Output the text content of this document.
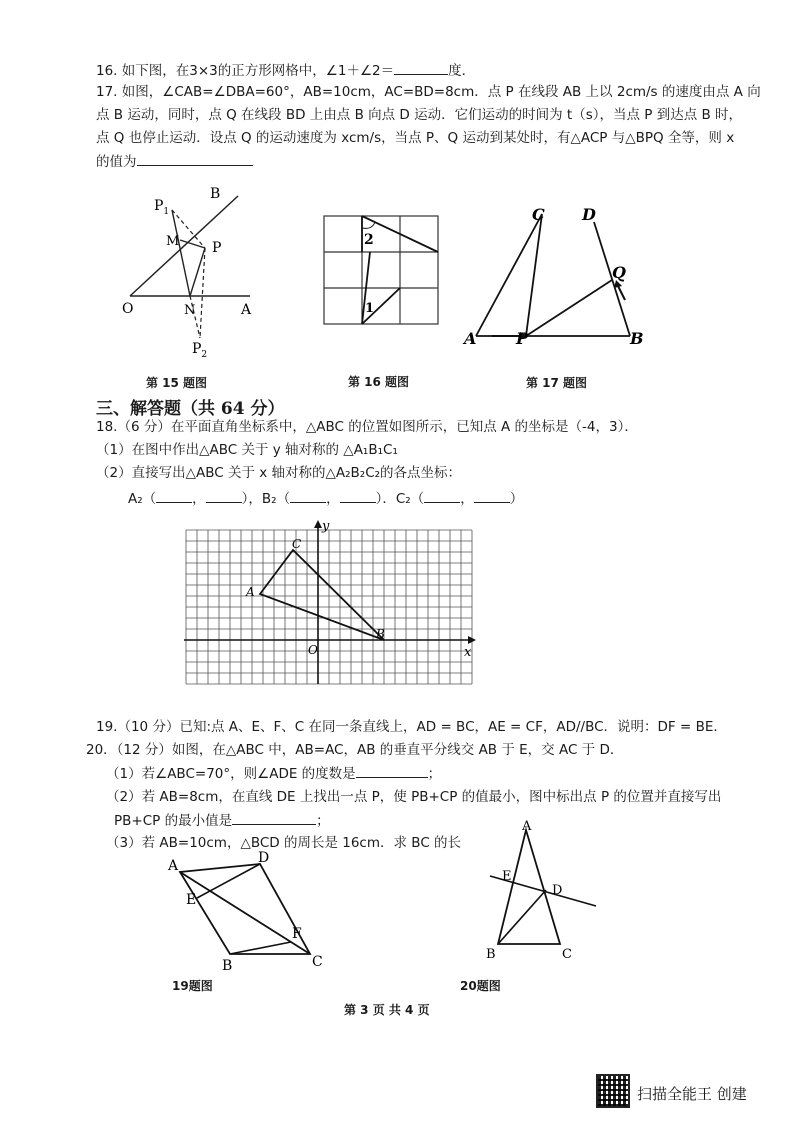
16. 如下图，在3×3的正方形网格中，∠1＋∠2＝	度．
17. 如图，∠CAB=∠DBA=60°，AB=10cm，AC=BD=8cm．点 P 在线段 AB 上以 2cm/s 的速度由点 A 向
点 B 运动，同时，点 Q 在线段 BD 上由点 B 向点 D 运动．它们运动的时间为 t（s），当点 P 到达点 B 时，
点 Q 也停止运动．设点 Q 的运动速度为 xcm/s，当点 P、Q 运动到某处时，有△ACP 与△BPQ 全等，则 x
的值为
B
$P_1$
M P
O	N	A
$P_2$
第 15 题图
2
1
第 16 题图
C D
Q
A P	B
第 17 题图
三、解答题（共 64 分）
18.（6 分）在平面直角坐标系中，△ABC 的位置如图所示，已知点 A 的坐标是（-4，3）．
（1）在图中作出△ABC 关于 y 轴对称的 △A₁B₁C₁
（2）直接写出△ABC 关于 x 轴对称的△A₂B₂C₂的各点坐标：
A₂（	，	），B₂（	，	）．C₂（	，	）
y
x
C
A
B
O
19.（10 分）已知:点 A、E、F、C 在同一条直线上，AD = BC，AE = CF，AD//BC．说明：DF = BE．
20．（12 分）如图，在△ABC 中，AB=AC，AB 的垂直平分线交 AB 于 E，交 AC 于 D．
（1）若∠ABC=70°，则∠ADE 的度数是	；
（2）若 AB=8cm，在直线 DE 上找出一点 P，使 PB+CP 的值最小，图中标出点 P 的位置并直接写出
PB+CP 的最小值是	；
（3）若 AB=10cm，△BCD 的周长是 16cm．求 BC 的长
A	D
E
F
B	C
19题图
A
E
D
B	C
20题图
第 3 页 共 4 页
扫描全能王 创建
